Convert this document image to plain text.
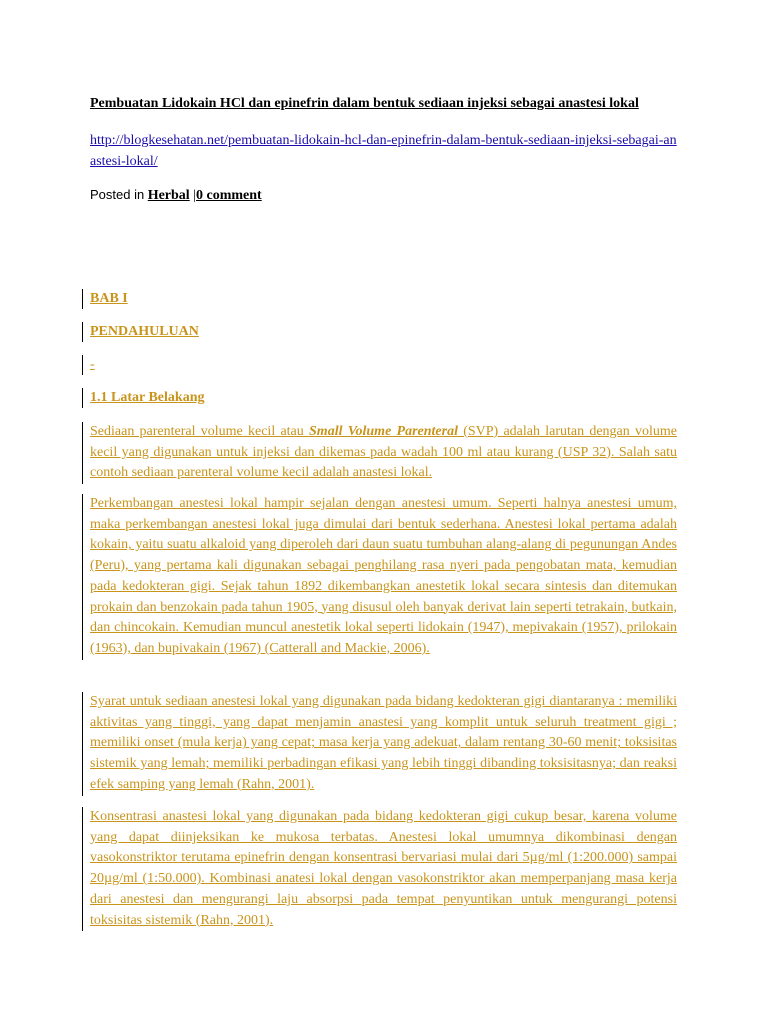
Pembuatan Lidokain HCl dan epinefrin dalam bentuk sediaan injeksi sebagai anastesi lokal

http://blogkesehatan.net/pembuatan-lidokain-hcl-dan-epinefrin-dalam-bentuk-sediaan-injeksi-sebagai-anastesi-lokal/
Posted in Herbal |0 comment

BAB I

PENDAHULUAN

-

1.1 Latar Belakang

Sediaan parenteral volume kecil atau Small Volume Parenteral (SVP) adalah larutan dengan volume kecil yang digunakan untuk injeksi dan dikemas pada wadah 100 ml atau kurang (USP 32). Salah satu contoh sediaan parenteral volume kecil adalah anastesi lokal.

Perkembangan anestesi lokal hampir sejalan dengan anestesi umum. Seperti halnya anestesi umum, maka perkembangan anestesi lokal juga dimulai dari bentuk sederhana. Anestesi lokal pertama adalah kokain, yaitu suatu alkaloid yang diperoleh dari daun suatu tumbuhan alang-alang di pegunungan Andes (Peru), yang pertama kali digunakan sebagai penghilang rasa nyeri pada pengobatan mata, kemudian pada kedokteran gigi. Sejak tahun 1892 dikembangkan anestetik lokal secara sintesis dan ditemukan prokain dan benzokain pada tahun 1905, yang disusul oleh banyak derivat lain seperti tetrakain, butkain, dan chincokain. Kemudian muncul anestetik lokal seperti lidokain (1947), mepivakain (1957), prilokain (1963), dan bupivakain (1967) (Catterall and Mackie, 2006).

Syarat untuk sediaan anestesi lokal yang digunakan pada bidang kedokteran gigi diantaranya : memiliki aktivitas yang tinggi, yang dapat menjamin anastesi yang komplit untuk seluruh treatment gigi ; memiliki onset (mula kerja) yang cepat; masa kerja yang adekuat, dalam rentang 30-60 menit; toksisitas sistemik yang lemah; memiliki perbadingan efikasi yang lebih tinggi dibanding toksisitasnya; dan reaksi efek samping yang lemah (Rahn, 2001).

Konsentrasi anastesi lokal yang digunakan pada bidang kedokteran gigi cukup besar, karena volume yang dapat diinjeksikan ke mukosa terbatas. Anestesi lokal umumnya dikombinasi dengan vasokonstriktor terutama epinefrin dengan konsentrasi bervariasi mulai dari 5µg/ml (1:200.000) sampai 20µg/ml (1:50.000). Kombinasi anatesi lokal dengan vasokonstriktor akan memperpanjang masa kerja dari anestesi dan mengurangi laju absorpsi pada tempat penyuntikan untuk mengurangi potensi toksisitas sistemik (Rahn, 2001).
